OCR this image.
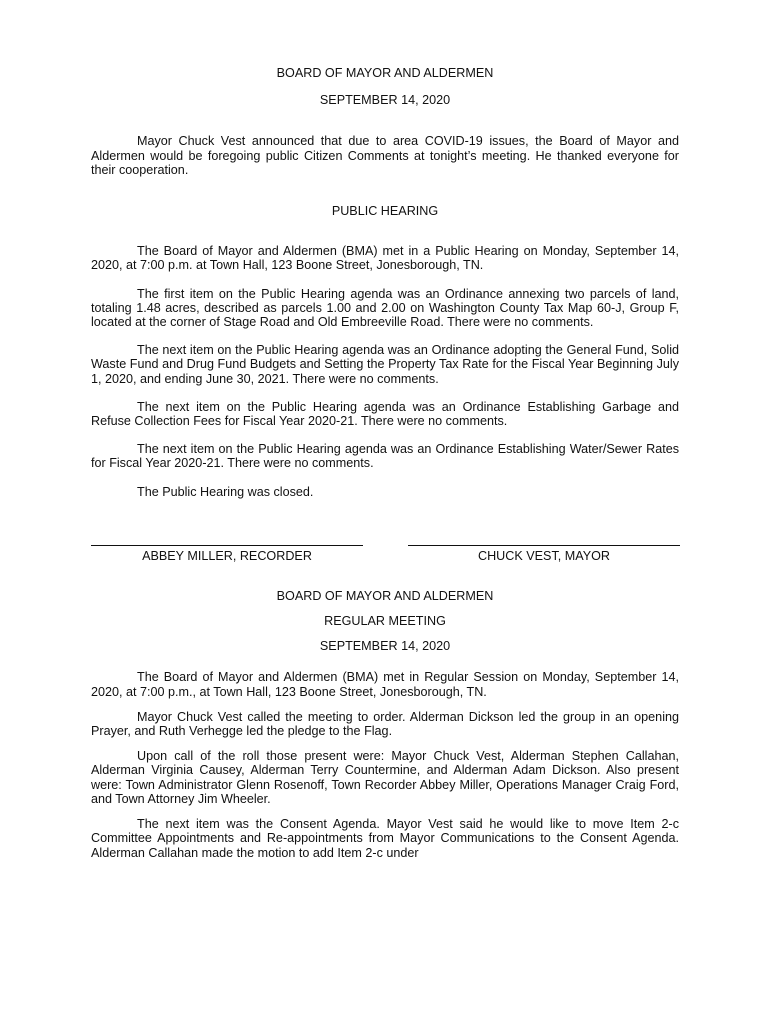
BOARD OF MAYOR AND ALDERMEN
SEPTEMBER 14, 2020

Mayor Chuck Vest announced that due to area COVID-19 issues, the Board of Mayor and Aldermen would be foregoing public Citizen Comments at tonight’s meeting. He thanked everyone for their cooperation.

PUBLIC HEARING

The Board of Mayor and Aldermen (BMA) met in a Public Hearing on Monday, September 14, 2020, at 7:00 p.m. at Town Hall, 123 Boone Street, Jonesborough, TN.

The first item on the Public Hearing agenda was an Ordinance annexing two parcels of land, totaling 1.48 acres, described as parcels 1.00 and 2.00 on Washington County Tax Map 60-J, Group F, located at the corner of Stage Road and Old Embreeville Road. There were no comments.

The next item on the Public Hearing agenda was an Ordinance adopting the General Fund, Solid Waste Fund and Drug Fund Budgets and Setting the Property Tax Rate for the Fiscal Year Beginning July 1, 2020, and ending June 30, 2021. There were no comments.

The next item on the Public Hearing agenda was an Ordinance Establishing Garbage and Refuse Collection Fees for Fiscal Year 2020-21. There were no comments.

The next item on the Public Hearing agenda was an Ordinance Establishing Water/Sewer Rates for Fiscal Year 2020-21. There were no comments.

The Public Hearing was closed.

ABBEY MILLER, RECORDER	CHUCK VEST, MAYOR
BOARD OF MAYOR AND ALDERMEN
REGULAR MEETING
SEPTEMBER 14, 2020

The Board of Mayor and Aldermen (BMA) met in Regular Session on Monday, September 14, 2020, at 7:00 p.m., at Town Hall, 123 Boone Street, Jonesborough, TN.

Mayor Chuck Vest called the meeting to order. Alderman Dickson led the group in an opening Prayer, and Ruth Verhegge led the pledge to the Flag.

Upon call of the roll those present were: Mayor Chuck Vest, Alderman Stephen Callahan, Alderman Virginia Causey, Alderman Terry Countermine, and Alderman Adam Dickson. Also present were: Town Administrator Glenn Rosenoff, Town Recorder Abbey Miller, Operations Manager Craig Ford, and Town Attorney Jim Wheeler.

The next item was the Consent Agenda. Mayor Vest said he would like to move Item 2-c Committee Appointments and Re-appointments from Mayor Communications to the Consent Agenda. Alderman Callahan made the motion to add Item 2-c under
